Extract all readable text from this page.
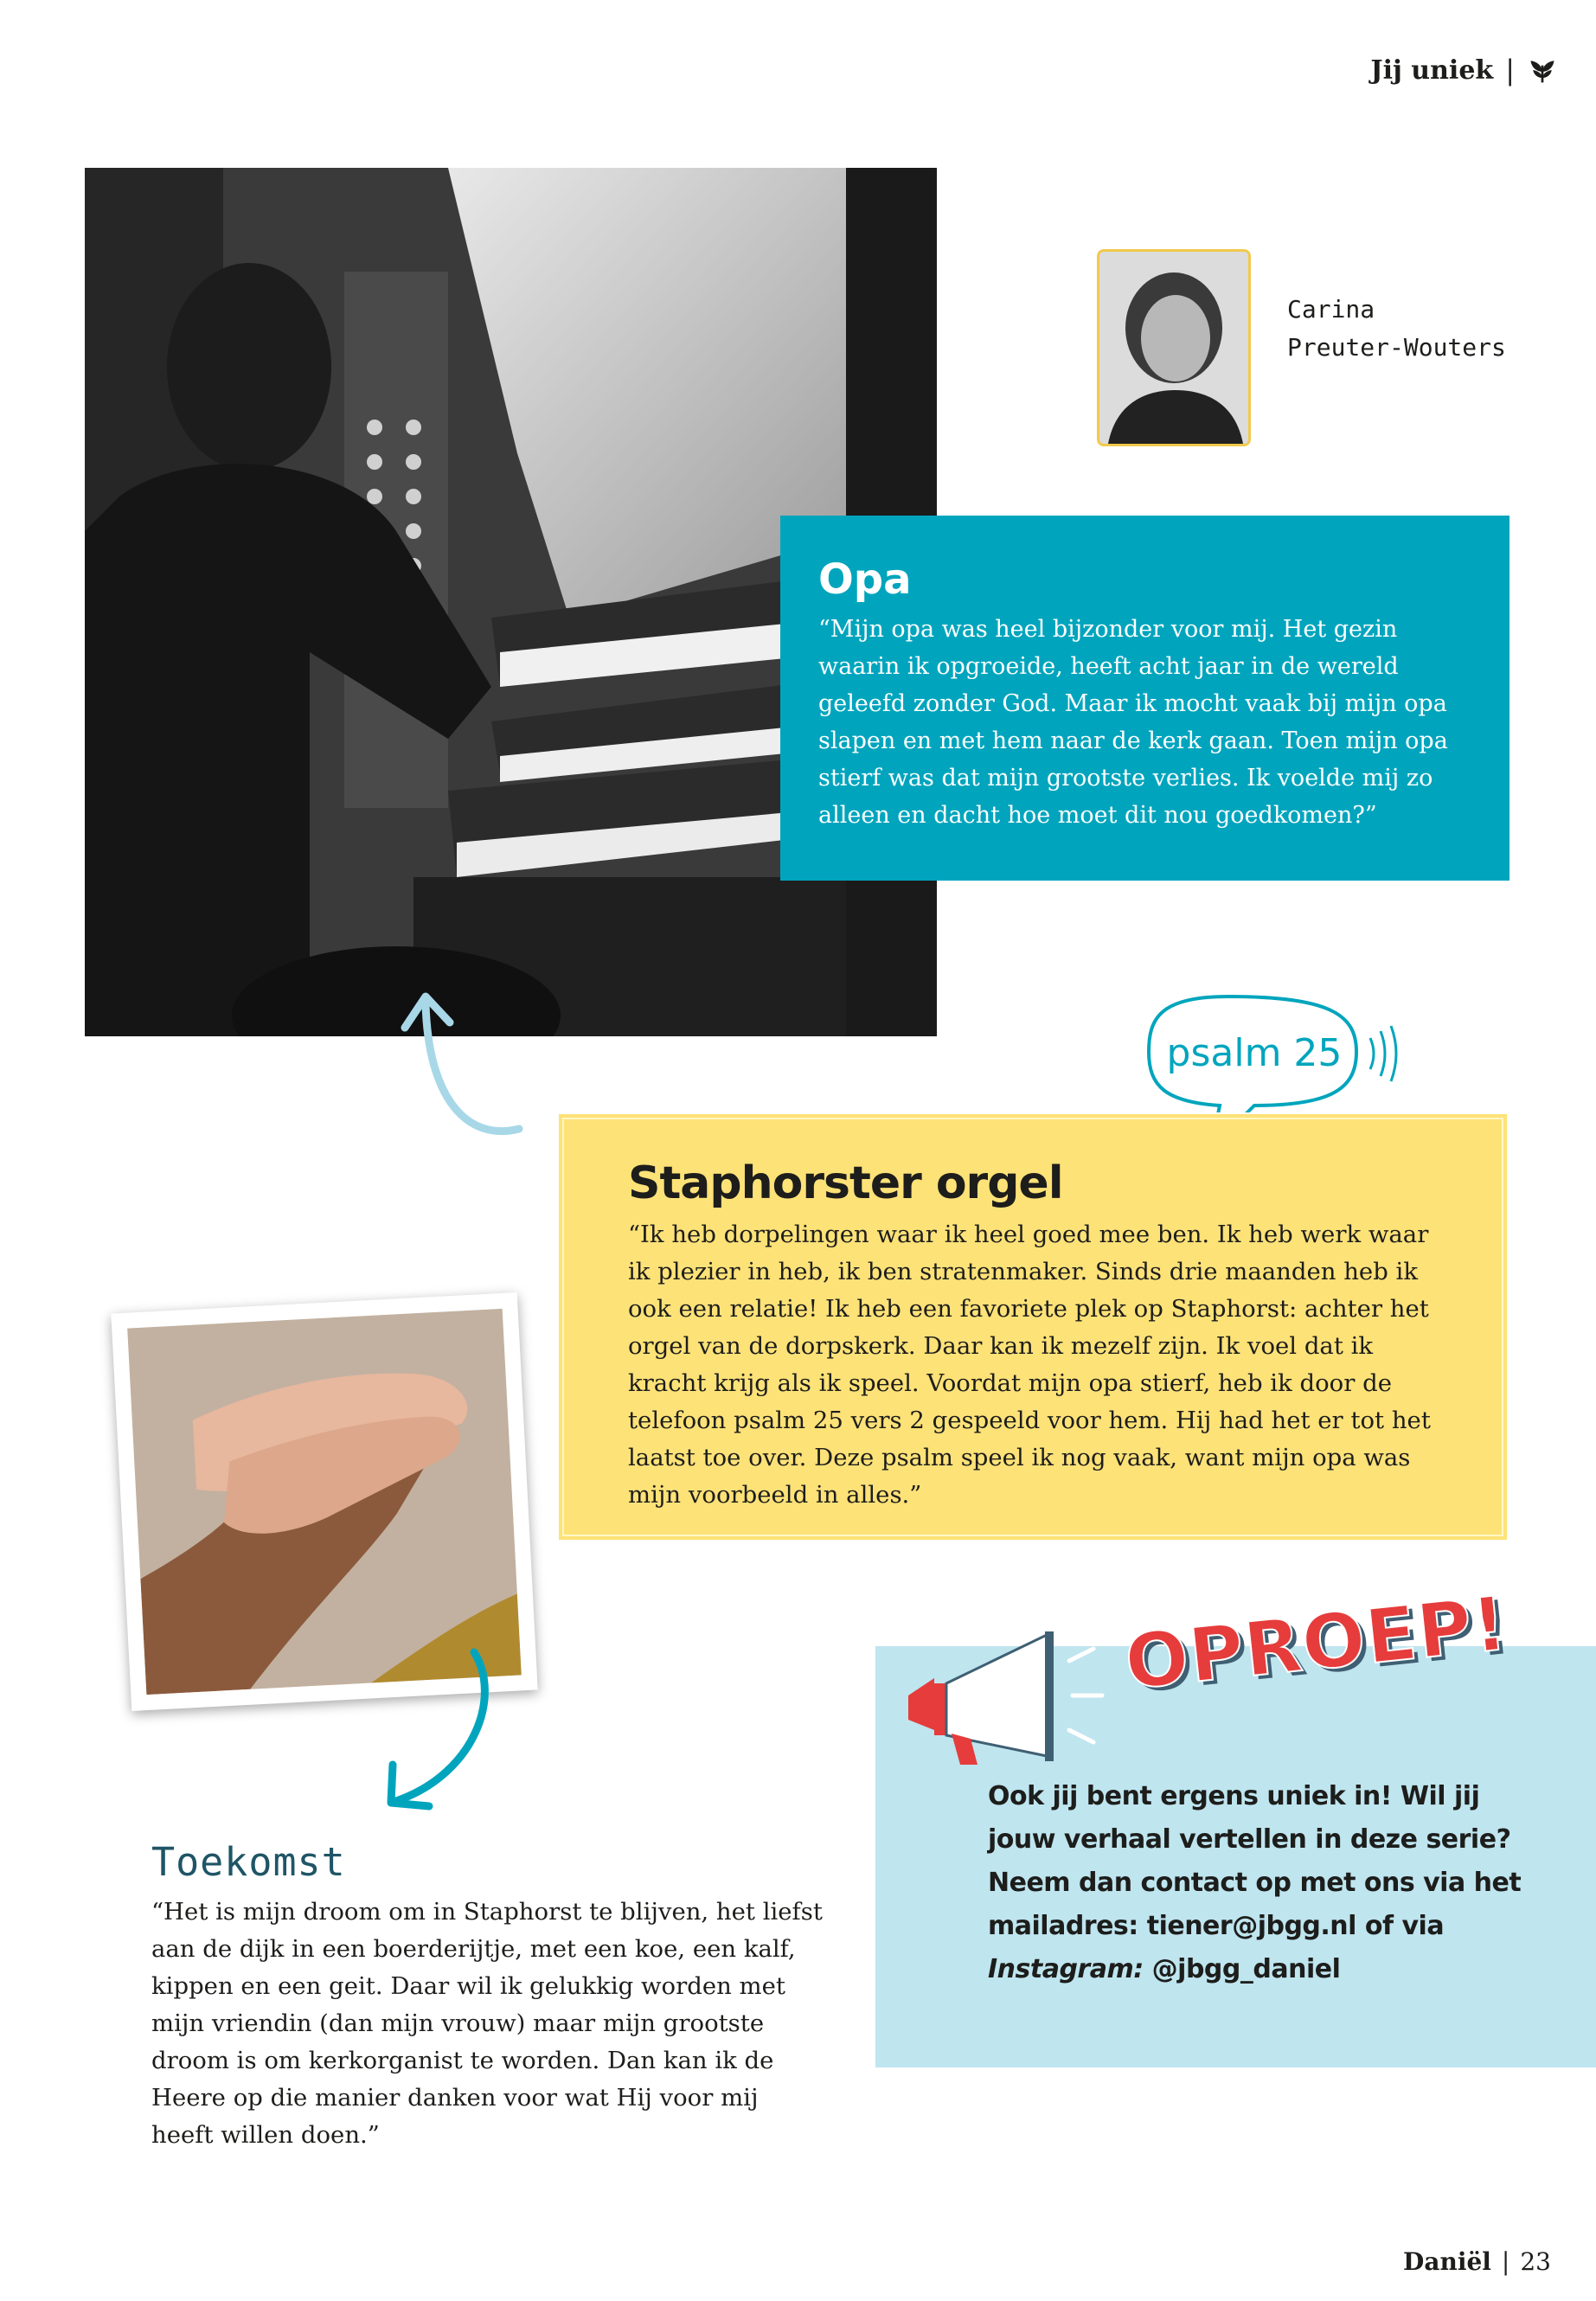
Jij uniek |
Carina
Preuter-Wouters
Opa

“Mijn opa was heel bijzonder voor mij. Het gezin waarin ik opgroeide, heeft acht jaar in de wereld geleefd zonder God. Maar ik mocht vaak bij mijn opa slapen en met hem naar de kerk gaan. Toen mijn opa stierf was dat mijn grootste verlies. Ik voelde mij zo alleen en dacht hoe moet dit nou goedkomen?”

psalm 25
Staphorster orgel

“Ik heb dorpelingen waar ik heel goed mee ben. Ik heb werk waar ik plezier in heb, ik ben stratenmaker. Sinds drie maanden heb ik ook een relatie! Ik heb een favoriete plek op Staphorst: achter het orgel van de dorpskerk. Daar kan ik mezelf zijn. Ik voel dat ik kracht krijg als ik speel. Voordat mijn opa stierf, heb ik door de telefoon psalm 25 vers 2 gespeeld voor hem. Hij had het er tot het laatst toe over. Deze psalm speel ik nog vaak, want mijn opa was mijn voorbeeld in alles.”

Toekomst

“Het is mijn droom om in Staphorst te blijven, het liefst aan de dijk in een boerderijtje, met een koe, een kalf, kippen en een geit. Daar wil ik gelukkig worden met mijn vriendin (dan mijn vrouw) maar mijn grootste droom is om kerkorganist te worden. Dan kan ik de Heere op die manier danken voor wat Hij voor mij heeft willen doen.”

OPROEP!
Ook jij bent ergens uniek in! Wil jij jouw verhaal vertellen in deze serie? Neem dan contact op met ons via het mailadres: tiener@jbgg.nl of via Instagram: @jbgg_daniel
Daniël | 23
